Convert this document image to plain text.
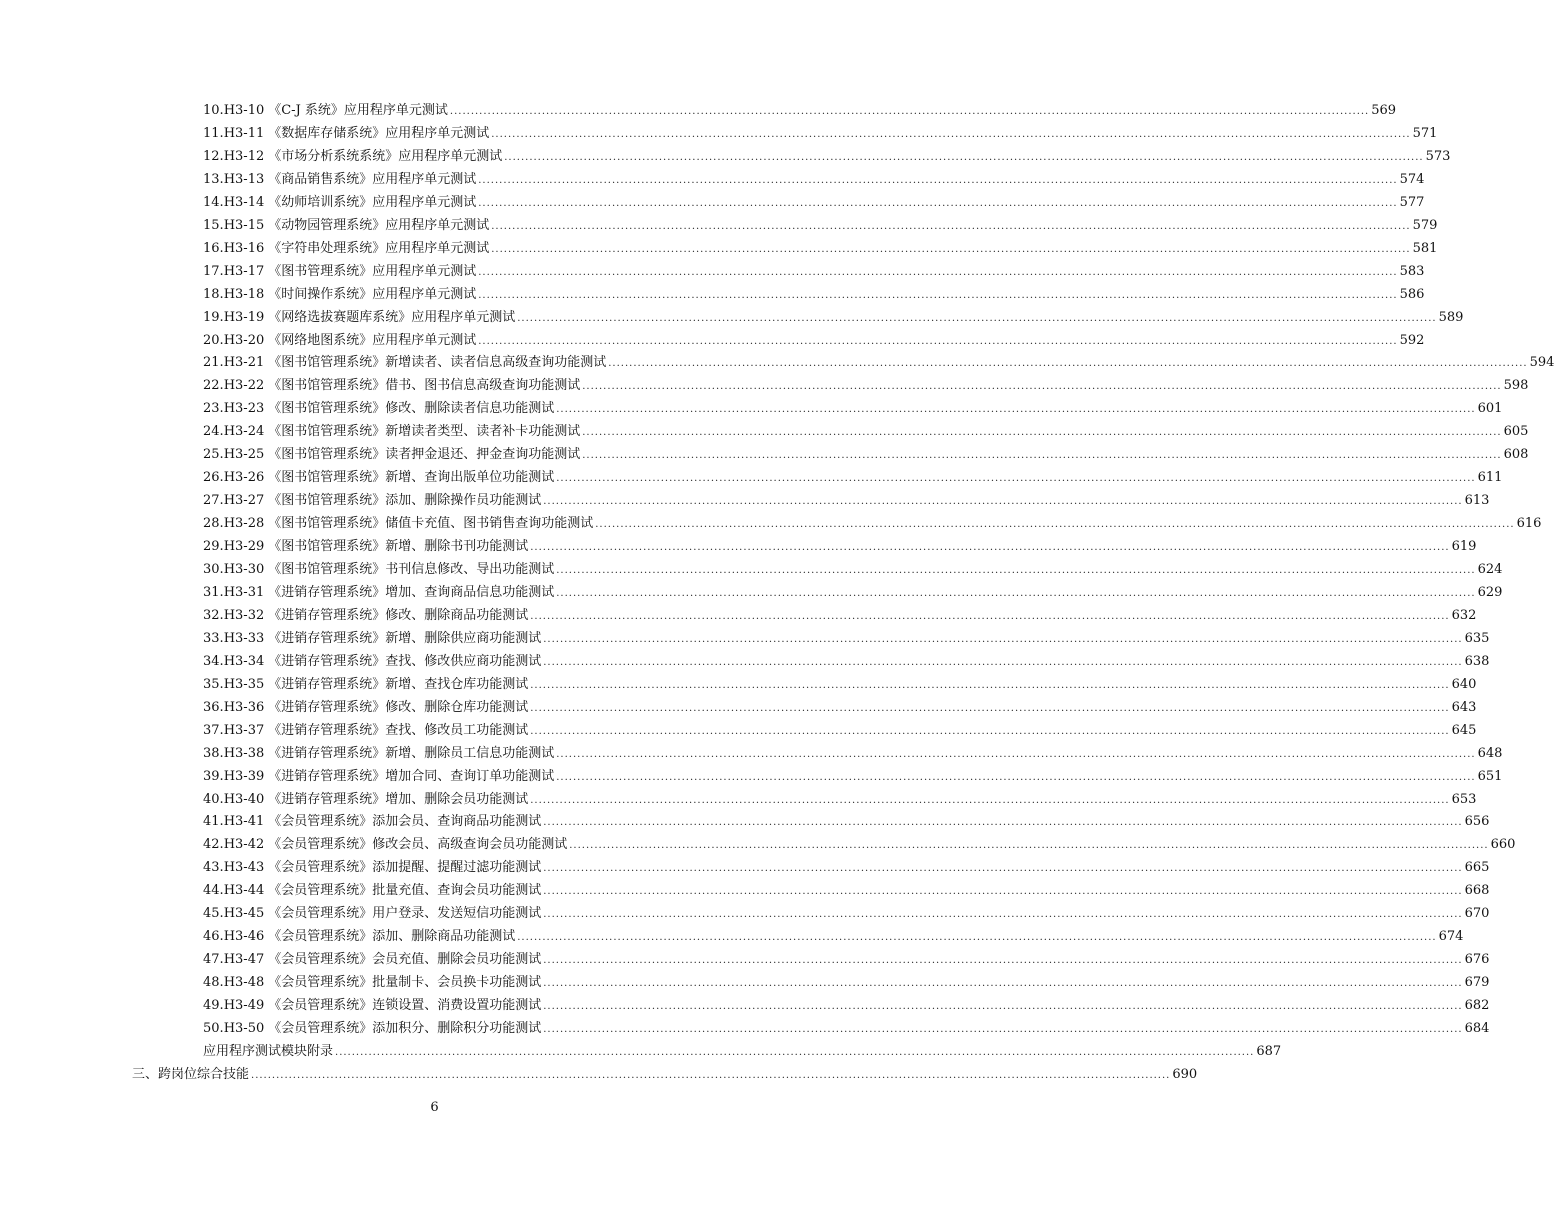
10. H3-10 《C-J 系统》应用程序单元测试 ............................................................................................................................................................................................................................ 569
11. H3-11 《数据库存储系统》应用程序单元测试 ............................................................................................................................................................................................................................ 571
12. H3-12 《市场分析系统系统》应用程序单元测试 ............................................................................................................................................................................................................................ 573
13. H3-13 《商品销售系统》应用程序单元测试 ............................................................................................................................................................................................................................ 574
14. H3-14 《幼师培训系统》应用程序单元测试 ............................................................................................................................................................................................................................ 577
15. H3-15 《动物园管理系统》应用程序单元测试 ............................................................................................................................................................................................................................ 579
16. H3-16 《字符串处理系统》应用程序单元测试 ............................................................................................................................................................................................................................ 581
17. H3-17 《图书管理系统》应用程序单元测试 ............................................................................................................................................................................................................................ 583
18. H3-18 《时间操作系统》应用程序单元测试 ............................................................................................................................................................................................................................ 586
19. H3-19 《网络选拔赛题库系统》应用程序单元测试 ............................................................................................................................................................................................................................ 589
20. H3-20 《网络地图系统》应用程序单元测试 ............................................................................................................................................................................................................................ 592
21. H3-21 《图书馆管理系统》新增读者、读者信息高级查询功能测试 ............................................................................................................................................................................................................................ 594
22. H3-22 《图书馆管理系统》借书、图书信息高级查询功能测试 ............................................................................................................................................................................................................................ 598
23. H3-23 《图书馆管理系统》修改、删除读者信息功能测试 ............................................................................................................................................................................................................................ 601
24. H3-24 《图书馆管理系统》新增读者类型、读者补卡功能测试 ............................................................................................................................................................................................................................ 605
25. H3-25 《图书馆管理系统》读者押金退还、押金查询功能测试 ............................................................................................................................................................................................................................ 608
26. H3-26 《图书馆管理系统》新增、查询出版单位功能测试 ............................................................................................................................................................................................................................ 611
27. H3-27 《图书馆管理系统》添加、删除操作员功能测试 ............................................................................................................................................................................................................................ 613
28. H3-28 《图书馆管理系统》储值卡充值、图书销售查询功能测试 ............................................................................................................................................................................................................................ 616
29. H3-29 《图书馆管理系统》新增、删除书刊功能测试 ............................................................................................................................................................................................................................ 619
30. H3-30 《图书馆管理系统》书刊信息修改、导出功能测试 ............................................................................................................................................................................................................................ 624
31. H3-31 《进销存管理系统》增加、查询商品信息功能测试 ............................................................................................................................................................................................................................ 629
32. H3-32 《进销存管理系统》修改、删除商品功能测试 ............................................................................................................................................................................................................................ 632
33. H3-33 《进销存管理系统》新增、删除供应商功能测试 ............................................................................................................................................................................................................................ 635
34. H3-34 《进销存管理系统》查找、修改供应商功能测试 ............................................................................................................................................................................................................................ 638
35. H3-35 《进销存管理系统》新增、查找仓库功能测试 ............................................................................................................................................................................................................................ 640
36. H3-36 《进销存管理系统》修改、删除仓库功能测试 ............................................................................................................................................................................................................................ 643
37. H3-37 《进销存管理系统》查找、修改员工功能测试 ............................................................................................................................................................................................................................ 645
38. H3-38 《进销存管理系统》新增、删除员工信息功能测试 ............................................................................................................................................................................................................................ 648
39. H3-39 《进销存管理系统》增加合同、查询订单功能测试 ............................................................................................................................................................................................................................ 651
40. H3-40 《进销存管理系统》增加、删除会员功能测试 ............................................................................................................................................................................................................................ 653
41. H3-41 《会员管理系统》添加会员、查询商品功能测试 ............................................................................................................................................................................................................................ 656
42. H3-42 《会员管理系统》修改会员、高级查询会员功能测试 ............................................................................................................................................................................................................................ 660
43. H3-43 《会员管理系统》添加提醒、提醒过滤功能测试 ............................................................................................................................................................................................................................ 665
44. H3-44 《会员管理系统》批量充值、查询会员功能测试 ............................................................................................................................................................................................................................ 668
45. H3-45 《会员管理系统》用户登录、发送短信功能测试 ............................................................................................................................................................................................................................ 670
46. H3-46 《会员管理系统》添加、删除商品功能测试 ............................................................................................................................................................................................................................ 674
47. H3-47 《会员管理系统》会员充值、删除会员功能测试 ............................................................................................................................................................................................................................ 676
48. H3-48 《会员管理系统》批量制卡、会员换卡功能测试 ............................................................................................................................................................................................................................ 679
49. H3-49 《会员管理系统》连锁设置、消费设置功能测试 ............................................................................................................................................................................................................................ 682
50. H3-50 《会员管理系统》添加积分、删除积分功能测试 ............................................................................................................................................................................................................................ 684
应用程序测试模块附录 ............................................................................................................................................................................................................................ 687
三、跨岗位综合技能 ............................................................................................................................................................................................................................ 690
6
